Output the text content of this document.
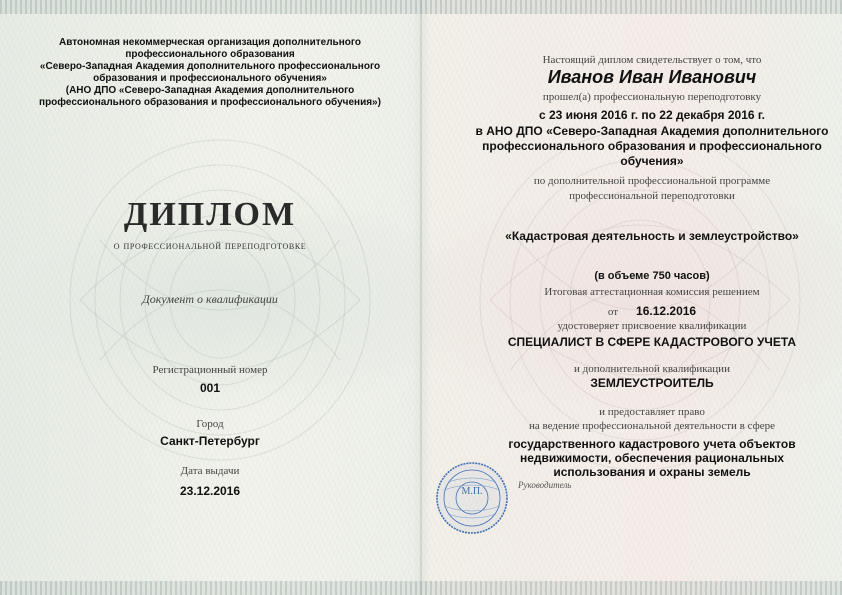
Автономная некоммерческая организация дополнительного
профессионального образования
«Северо-Западная Академия дополнительного профессионального
образования и профессионального обучения»
(АНО ДПО «Северо-Западная Академия дополнительного
профессионального образования и профессионального обучения»)
ДИПЛОМ
о профессиональной переподготовке
Документ о квалификации
Регистрационный номер
001
Город
Санкт-Петербург
Дата выдачи
23.12.2016
Настоящий диплом свидетельствует о том, что
Иванов Иван Иванович
прошел(а) профессиональную переподготовку
с 23 июня 2016 г. по 22 декабря 2016 г.
в АНО ДПО «Северо-Западная Академия дополнительного
профессионального образования и профессионального
обучения»
по дополнительной профессиональной программе
профессиональной переподготовки
«Кадастровая деятельность и землеустройство»
(в объеме 750 часов)
Итоговая аттестационная комиссия решением
от 16.12.2016
удостоверяет присвоение квалификации
СПЕЦИАЛИСТ В СФЕРЕ КАДАСТРОВОГО УЧЕТА
и дополнительной квалификации
ЗЕМЛЕУСТРОИТЕЛЬ
и предоставляет право
на ведение профессиональной деятельности в сфере
государственного кадастрового учета объектов
недвижимости, обеспечения рациональных
использования и охраны земель
М.П.
Руководитель
